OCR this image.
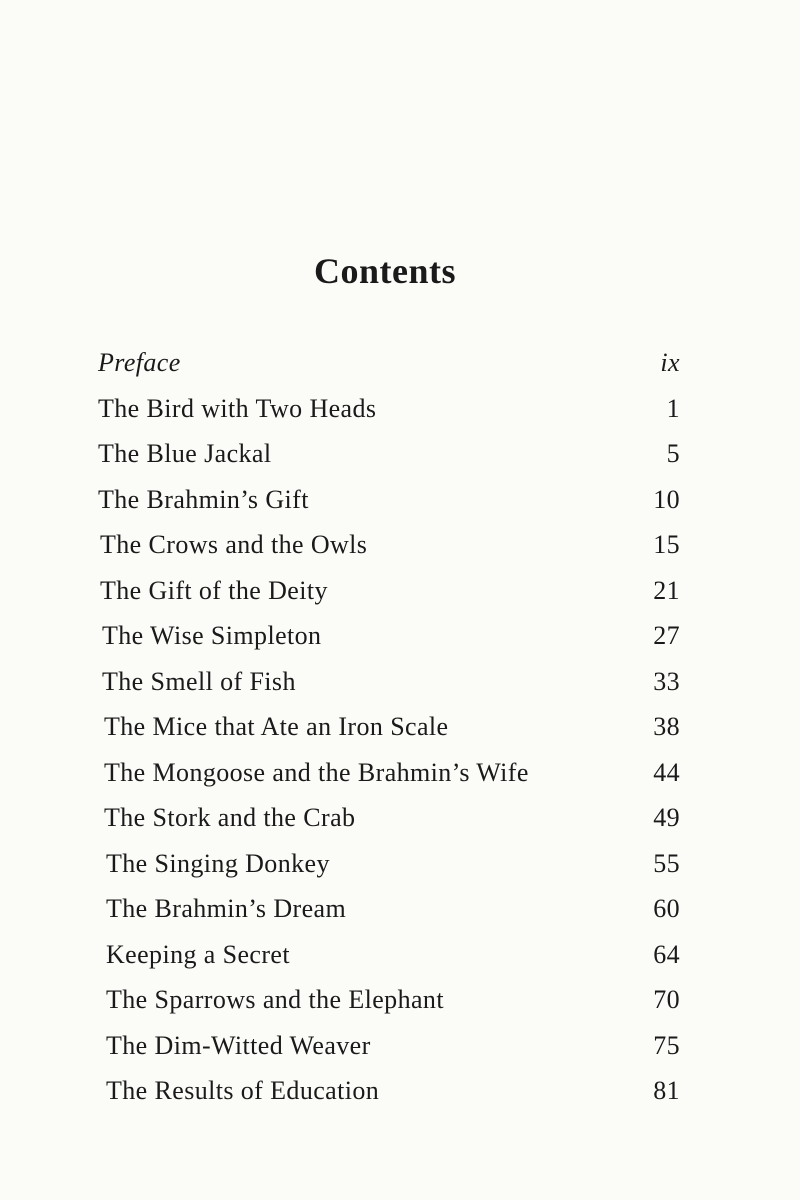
Contents
Preface	ix
The Bird with Two Heads	1
The Blue Jackal	5
The Brahmin’s Gift	10
The Crows and the Owls	15
The Gift of the Deity	21
The Wise Simpleton	27
The Smell of Fish	33
The Mice that Ate an Iron Scale	38
The Mongoose and the Brahmin’s Wife	44
The Stork and the Crab	49
The Singing Donkey	55
The Brahmin’s Dream	60
Keeping a Secret	64
The Sparrows and the Elephant	70
The Dim-Witted Weaver	75
The Results of Education	81
